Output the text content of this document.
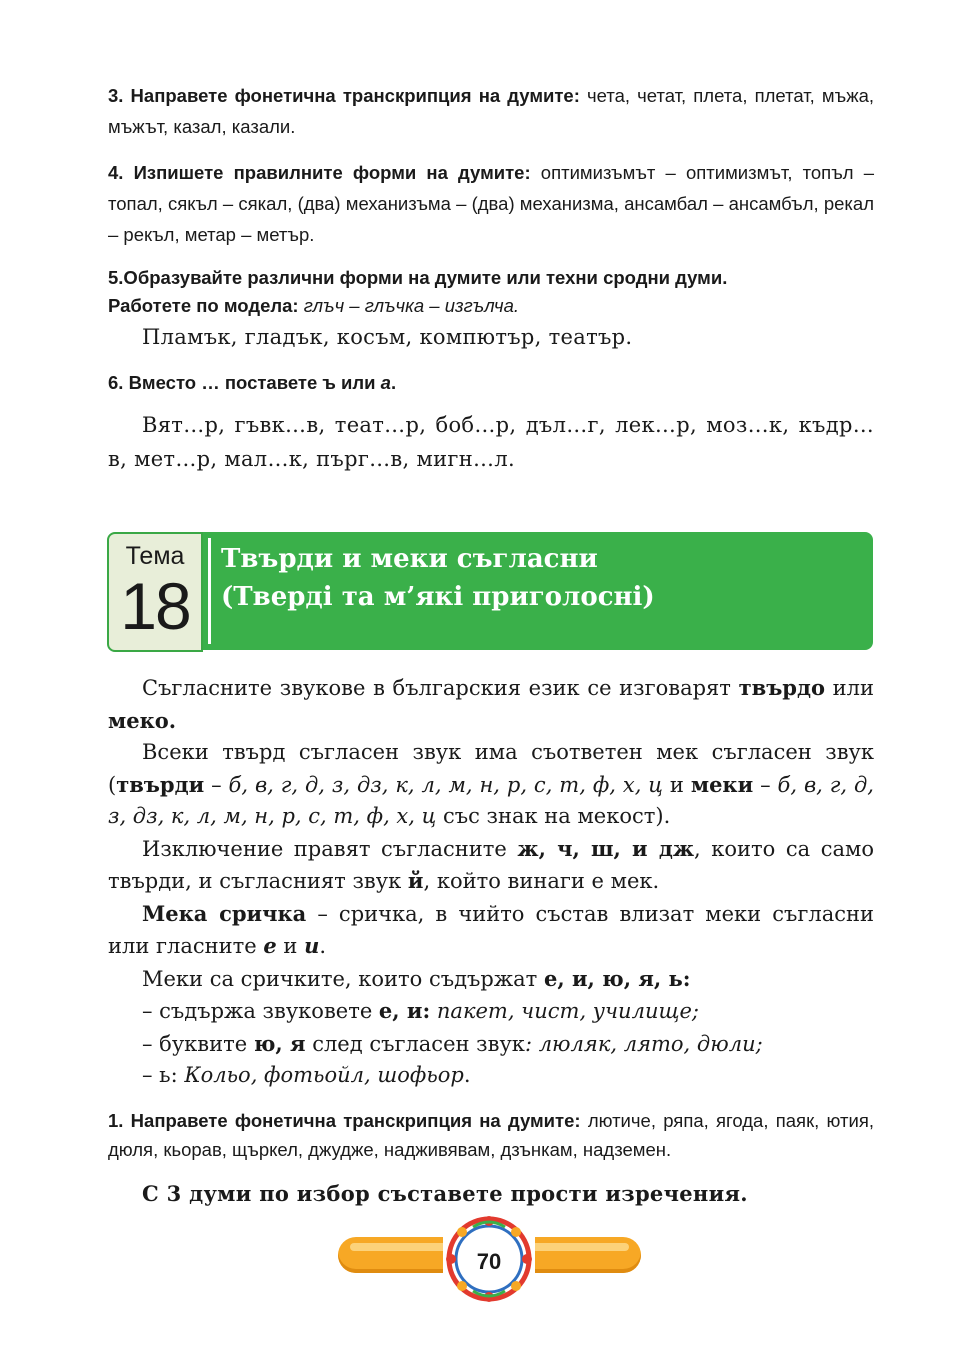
3. Направете фонетична транскрипция на думите: чета, четат, плета, плетат, мъжа, мъжът, казал, казали.
4. Изпишете правилните форми на думите: оптимизъмът – оптимизмът, топъл – топал, сякъл – сякал, (два) механизъма – (два) механизма, ансамбал – ансамбъл, рекал – рекъл, метар – метър.
5.Образувайте различни форми на думите или техни сродни думи.
Работете по модела: глъч – глъчка – изгълча.
Пламък, гладък, косъм, компютър, театър.
6. Вместо … поставете ъ или а.
Вят…р, гъвк…в, теат…р, боб…р, дъл…г, лек…р, моз…к, къдр…в, мет…р, мал…к, пърг…в, мигн…л.
Тема
18
Твърди и меки съгласни
(Тверді та м’які приголосні)

Съгласните звукове в българския език се изговарят твърдо или меко.

Всеки твърд съгласен звук има съответен мек съгласен звук (твърди – б, в, г, д, з, дз, к, л, м, н, р, с, т, ф, х, ц и меки – б, в, г, д, з, дз, к, л, м, н, р, с, т, ф, х, ц със знак на мекост).

Изключение правят съгласните ж, ч, ш, и дж, които са само твърди, и съгласният звук й, който винаги е мек.

Мека сричка – сричка, в чийто състав влизат меки съгласни или гласните е и и.

Меки са сричките, които съдържат е, и, ю, я, ь:

– съдържа звуковете е, и: пакет, чист, училище;

– буквите ю, я след съгласен звук: люляк, лято, дюли;

– ь: Кольо, фотьойл, шофьор.

1. Направете фонетична транскрипция на думите: лютиче, ряпа, ягода, паяк, ютия, дюля, кьорав, щъркел, джудже, надживявам, дзънкам, надземен.
С 3 думи по избор съставете прости изречения.
70
